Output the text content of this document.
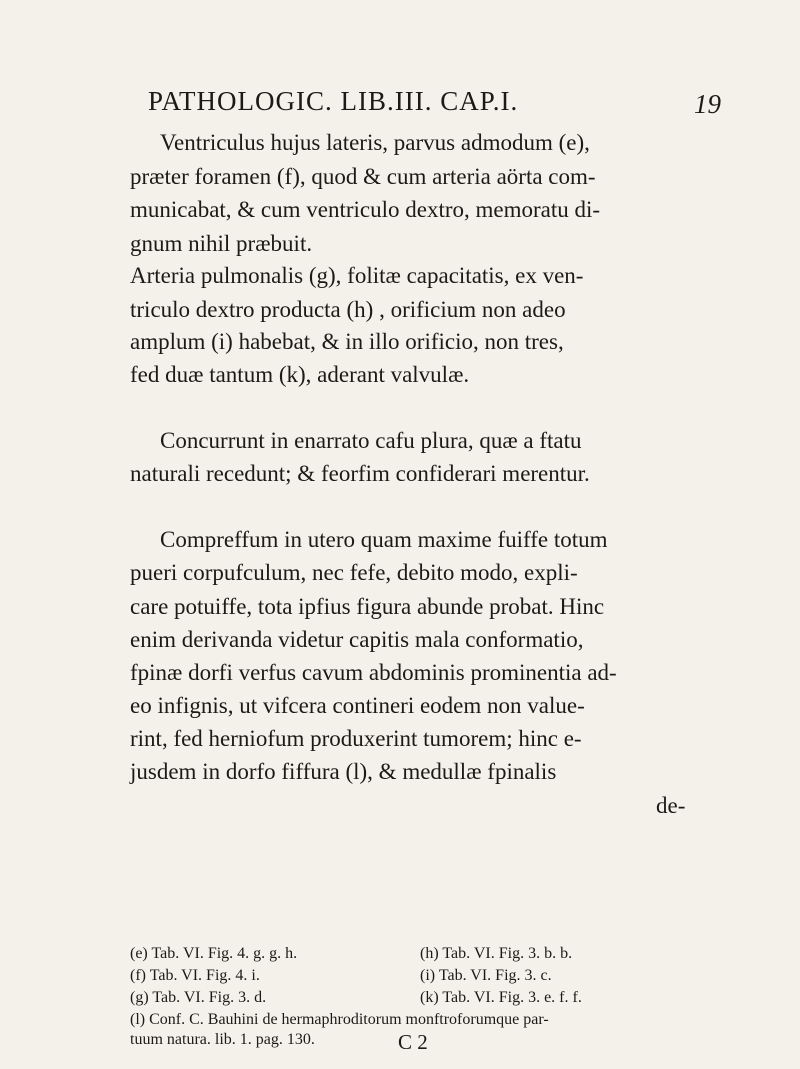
PATHOLOGIC. LIB.III. CAP.I.	19
Ventriculus hujus lateris, parvus admodum (e),
præter foramen (f), quod & cum arteria aörta com-
municabat, & cum ventriculo dextro, memoratu di-
gnum nihil præbuit.
Arteria pulmonalis (g), folitæ capacitatis, ex ven-
triculo dextro producta (h) , orificium non adeo
amplum (i) habebat, & in illo orificio, non tres,
fed duæ tantum (k), aderant valvulæ.
Concurrunt in enarrato cafu plura, quæ a ftatu
naturali recedunt; & feorfim confiderari merentur.
Compreffum in utero quam maxime fuiffe totum
pueri corpufculum, nec fefe, debito modo, expli-
care potuiffe, tota ipfius figura abunde probat. Hinc
enim derivanda videtur capitis mala conformatio,
fpinæ dorfi verfus cavum abdominis prominentia ad-
eo infignis, ut vifcera contineri eodem non value-
rint, fed herniofum produxerint tumorem; hinc e-
jusdem in dorfo fiffura (l), & medullæ fpinalis
de-
(e) Tab. VI. Fig. 4. g. g. h.	(h) Tab. VI. Fig. 3. b. b.
(f) Tab. VI. Fig. 4. i.	(i) Tab. VI. Fig. 3. c.
(g) Tab. VI. Fig. 3. d.	(k) Tab. VI. Fig. 3. e. f. f.
(l) Conf. C. Bauhini de hermaphroditorum monftroforumque par-
tuum natura. lib. 1. pag. 130.	C 2
